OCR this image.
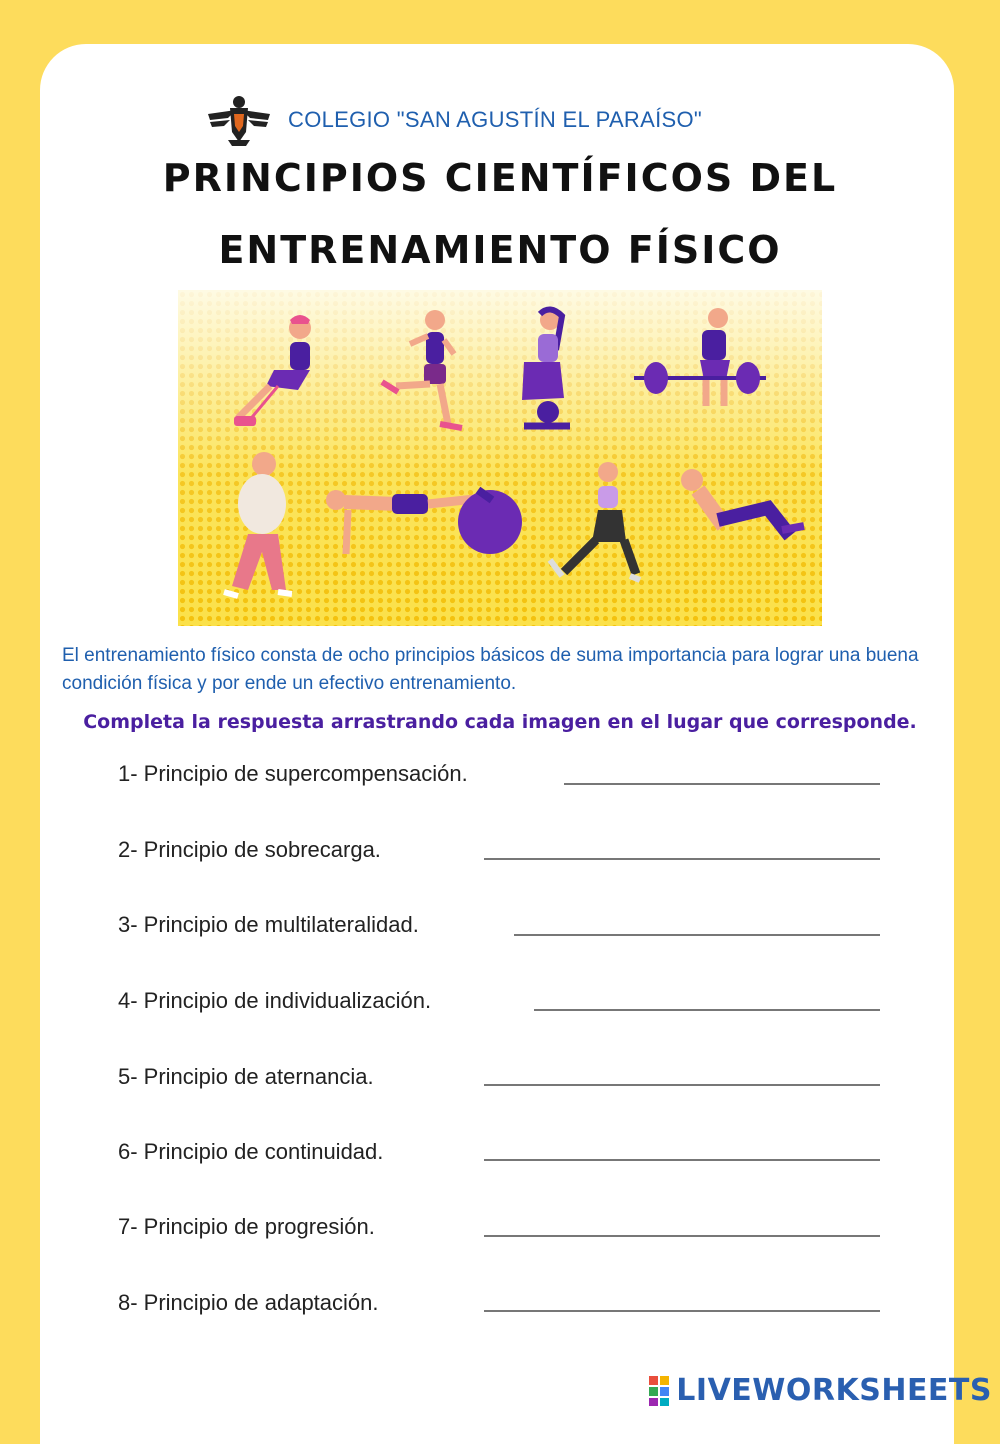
COLEGIO "SAN AGUSTÍN EL PARAÍSO"
PRINCIPIOS CIENTÍFICOS DEL
ENTRENAMIENTO FÍSICO
El entrenamiento físico consta de ocho principios básicos de suma importancia para lograr una buena condición física y por ende un efectivo entrenamiento.
Completa la respuesta arrastrando cada imagen en el lugar que corresponde.
1- Principio de supercompensación.
2- Principio de sobrecarga.
3- Principio de multilateralidad.
4- Principio de individualización.
5- Principio de aternancia.
6- Principio de continuidad.
7- Principio de progresión.
8- Principio de adaptación.
LIVEWORKSHEETS
